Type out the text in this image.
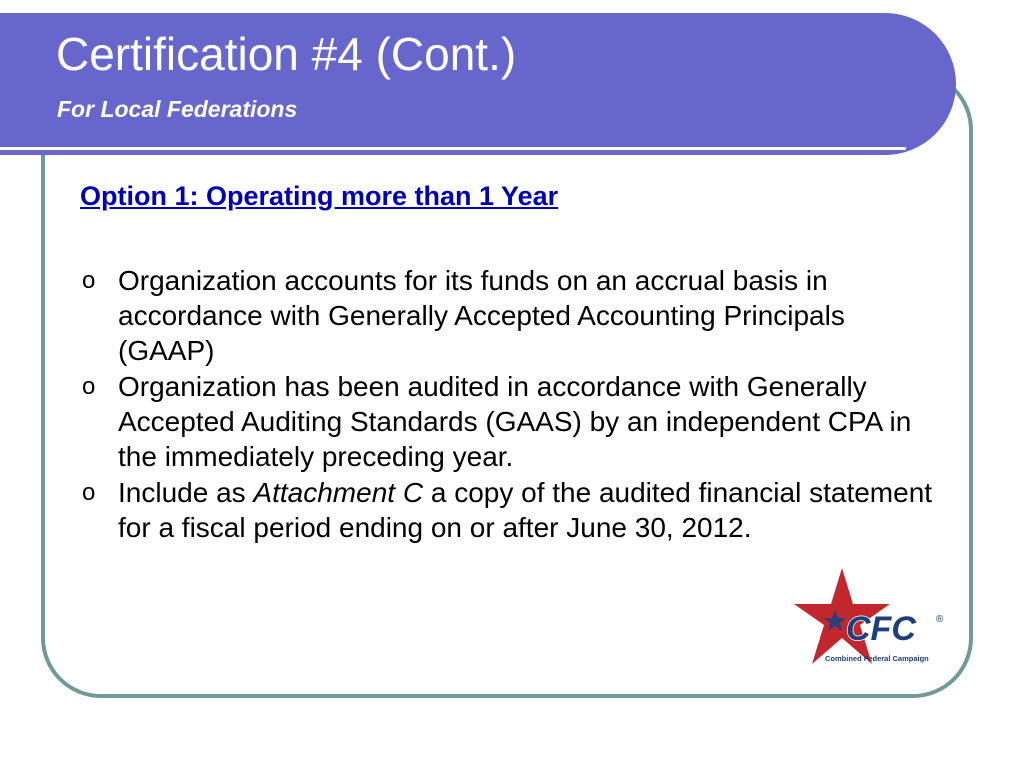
Certification #4 (Cont.)
For Local Federations
Option 1: Operating more than 1 Year
o Organization accounts for its funds on an accrual basis in accordance with Generally Accepted Accounting Principals (GAAP)
o Organization has been audited in accordance with Generally Accepted Auditing Standards (GAAS) by an independent CPA in the immediately preceding year.
o Include as Attachment C a copy of the audited financial statement for a fiscal period ending on or after June 30, 2012.
CFC ®
Combined Federal Campaign
